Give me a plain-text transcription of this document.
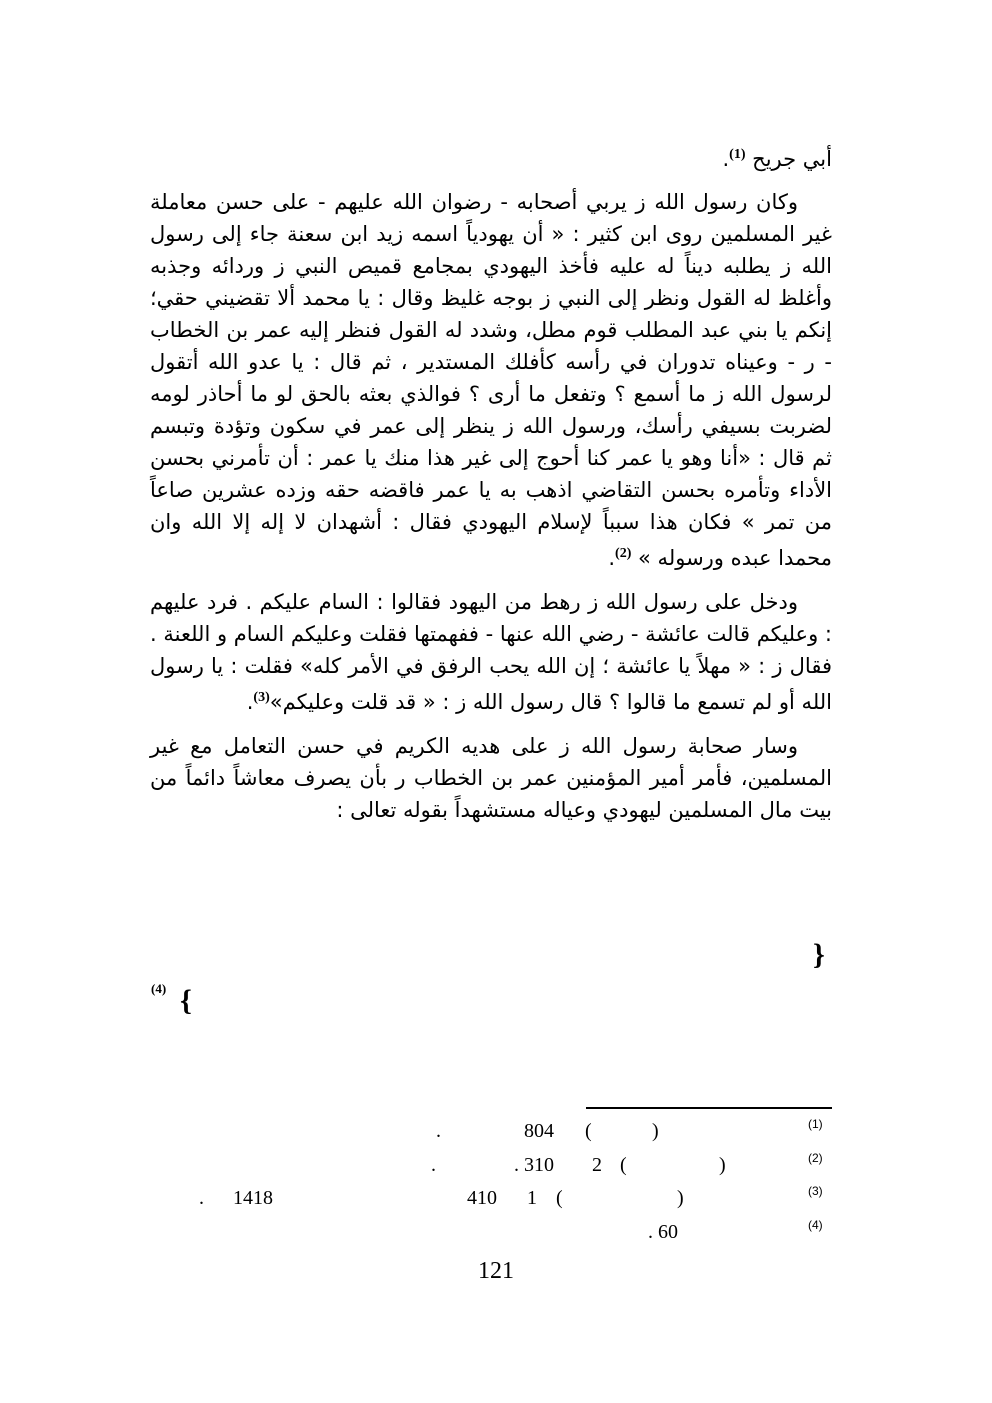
أبي جريح $^{(1)}$.

وكان رسول الله ز يربي أصحابه - رضوان الله عليهم - على حسن معاملة غير المسلمين روى ابن كثير : « أن يهودياً اسمه زيد ابن سعنة جاء إلى رسول الله ز يطلبه ديناً له عليه فأخذ اليهودي بمجامع قميص النبي ز وردائه وجذبه وأغلظ له القول ونظر إلى النبي ز بوجه غليظ وقال : يا محمد ألا تقضيني حقي؛ إنكم يا بني عبد المطلب قوم مطل، وشدد له القول فنظر إليه عمر بن الخطاب - ر - وعيناه تدوران في رأسه كأفلك المستدير ، ثم قال : يا عدو الله أتقول لرسول الله ز ما أسمع ؟ وتفعل ما أرى ؟ فوالذي بعثه بالحق لو ما أحاذر لومه لضربت بسيفي رأسك، ورسول الله ز ينظر إلى عمر في سكون وتؤدة وتبسم ثم قال : «أنا وهو يا عمر كنا أحوج إلى غير هذا منك يا عمر : أن تأمرني بحسن الأداء وتأمره بحسن التقاضي اذهب به يا عمر فاقضه حقه وزده عشرين صاعاً من تمر » فكان هذا سبباً لإسلام اليهودي فقال : أشهدان لا إله إلا الله وان محمدا عبده ورسوله » $^{(2)}$.

ودخل على رسول الله ز رهط من اليهود فقالوا : السام عليكم . فرد عليهم : وعليكم قالت عائشة - رضي الله عنها - ففهمتها فقلت وعليكم السام و اللعنة . فقال ز : « مهلاً يا عائشة ؛ إن الله يحب الرفق في الأمر كله» فقلت : يا رسول الله أو لم تسمع ما قالوا ؟ قال رسول الله ز : « قد قلت وعليكم»$^{(3)}$.

وسار صحابة رسول الله ز على هديه الكريم في حسن التعامل مع غير المسلمين، فأمر أمير المؤمنين عمر بن الخطاب ر بأن يصرف معاشاً دائماً من بيت مال المسلمين ليهودي وعياله مستشهداً بقوله تعالى :

}
{
(4)
(1)
804 (	)
.
(2)
. 310 2 (	)
.
(3)
410 1 (	)
1418
.
(4)
. 60
121
